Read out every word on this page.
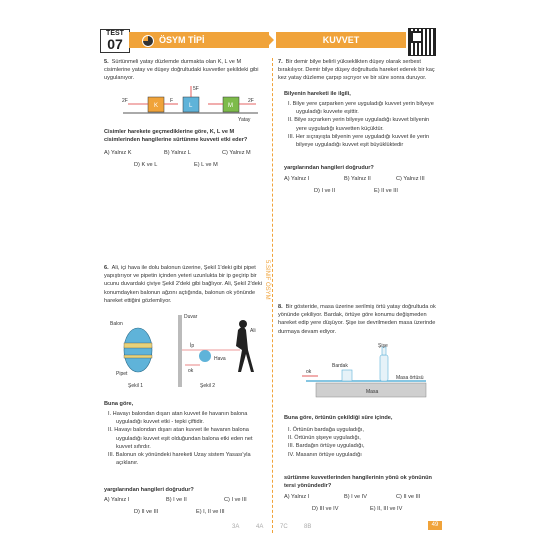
TEST
07	ÖSYM TİPİ	KUVVET
5.SINIF ÖSYM
5. Sürtünmeli yatay düzlemde durmakta olan K, L ve M cisimlerine yatay ve düşey doğrultudaki kuvvetler şekildeki gibi uygulanıyor.
K	L	M
5F
2F	2F
F
Yatay
Cisimler harekete geçmediklerine göre, K, L ve M cisimlerinden hangilerine sürtünme kuvveti etki eder?
A) Yalnız K	B) Yalnız L	C) Yalnız M
D) K ve L	E) L ve M
6. Ali, içi hava ile dolu balonun üzerine, Şekil 1'deki gibi pipet yapıştırıyor ve pipetin içinden yeteri uzunlukta bir ip geçirip bir ucunu duvardaki çiviye Şekil 2'deki gibi bağlıyor. Ali, Şekil 2'deki konumdayken balonun ağzını açtığında, balonun ok yönünde hareket ettiğini gözlemliyor.
Balon
Pipet
Duvar
İp
Hava
ok
Ali
Şekil 1	Şekil 2
Buna göre,
I. Havayı balondan dışarı atan kuvvet ile havanın balona uyguladığı kuvvet etki - tepki çiftidir.
II. Havayı balondan dışarı atan kuvvet ile havanın balona uyguladığı kuvvet eşit olduğundan balona etki eden net kuvvet sıfırdır.
III. Balonun ok yönündeki hareketi Uzay sistem Yasası'yla açıklanır.
yargılarından hangileri doğrudur?
A) Yalnız I	B) I ve II	C) I ve III
D) II ve III	E) I, II ve III
7. Bir demir bilye belirli yükseklikten düşey olarak serbest bırakılıyor. Demir bilye düşey doğrultuda hareket ederek bir kaç kez yatay düzleme çarpıp sıçrıyor ve bir süre sonra duruyor.
Bilyenin hareketi ile ilgili,
I. Bilye yere çarparken yere uyguladığı kuvvet yerin bilyeye uyguladığı kuvvete eşittir.
II. Bilye sıçrarken yerin bilyeye uyguladığı kuvvet bilyenin yere uyguladığı kuvvetten küçüktür.
III. Her sıçrayışta bilyenin yere uyguladığı kuvvet ile yerin bilyeye uyguladığı kuvvet eşit büyüklüktedir
yargılarından hangileri doğrudur?
A) Yalnız I	B) Yalnız II	C) Yalnız III
D) I ve II	E) II ve III
8. Bir gösteride, masa üzerine serilmiş örtü yatay doğrultuda ok yönünde çekiliyor. Bardak, örtüye göre konumu değişmeden hareket edip yere düşüyor. Şişe ise devrilmeden masa üzerinde durmaya devam ediyor.
Bardak
Şişe
Masa örtüsü
Masa
ok
Buna göre, örtünün çekildiği süre içinde,
I. Örtünün bardağa uyguladığı,
II. Örtünün şişeye uyguladığı,
III. Bardağın örtüye uyguladığı,
IV. Masanın örtüye uyguladığı
sürtünme kuvvetlerinden hangilerinin yönü ok yönünün tersi yönündedir?
A) Yalnız I	B) I ve IV	C) II ve III
D) III ve IV	E) II, III ve IV
3A	4A	7C	8B	49
